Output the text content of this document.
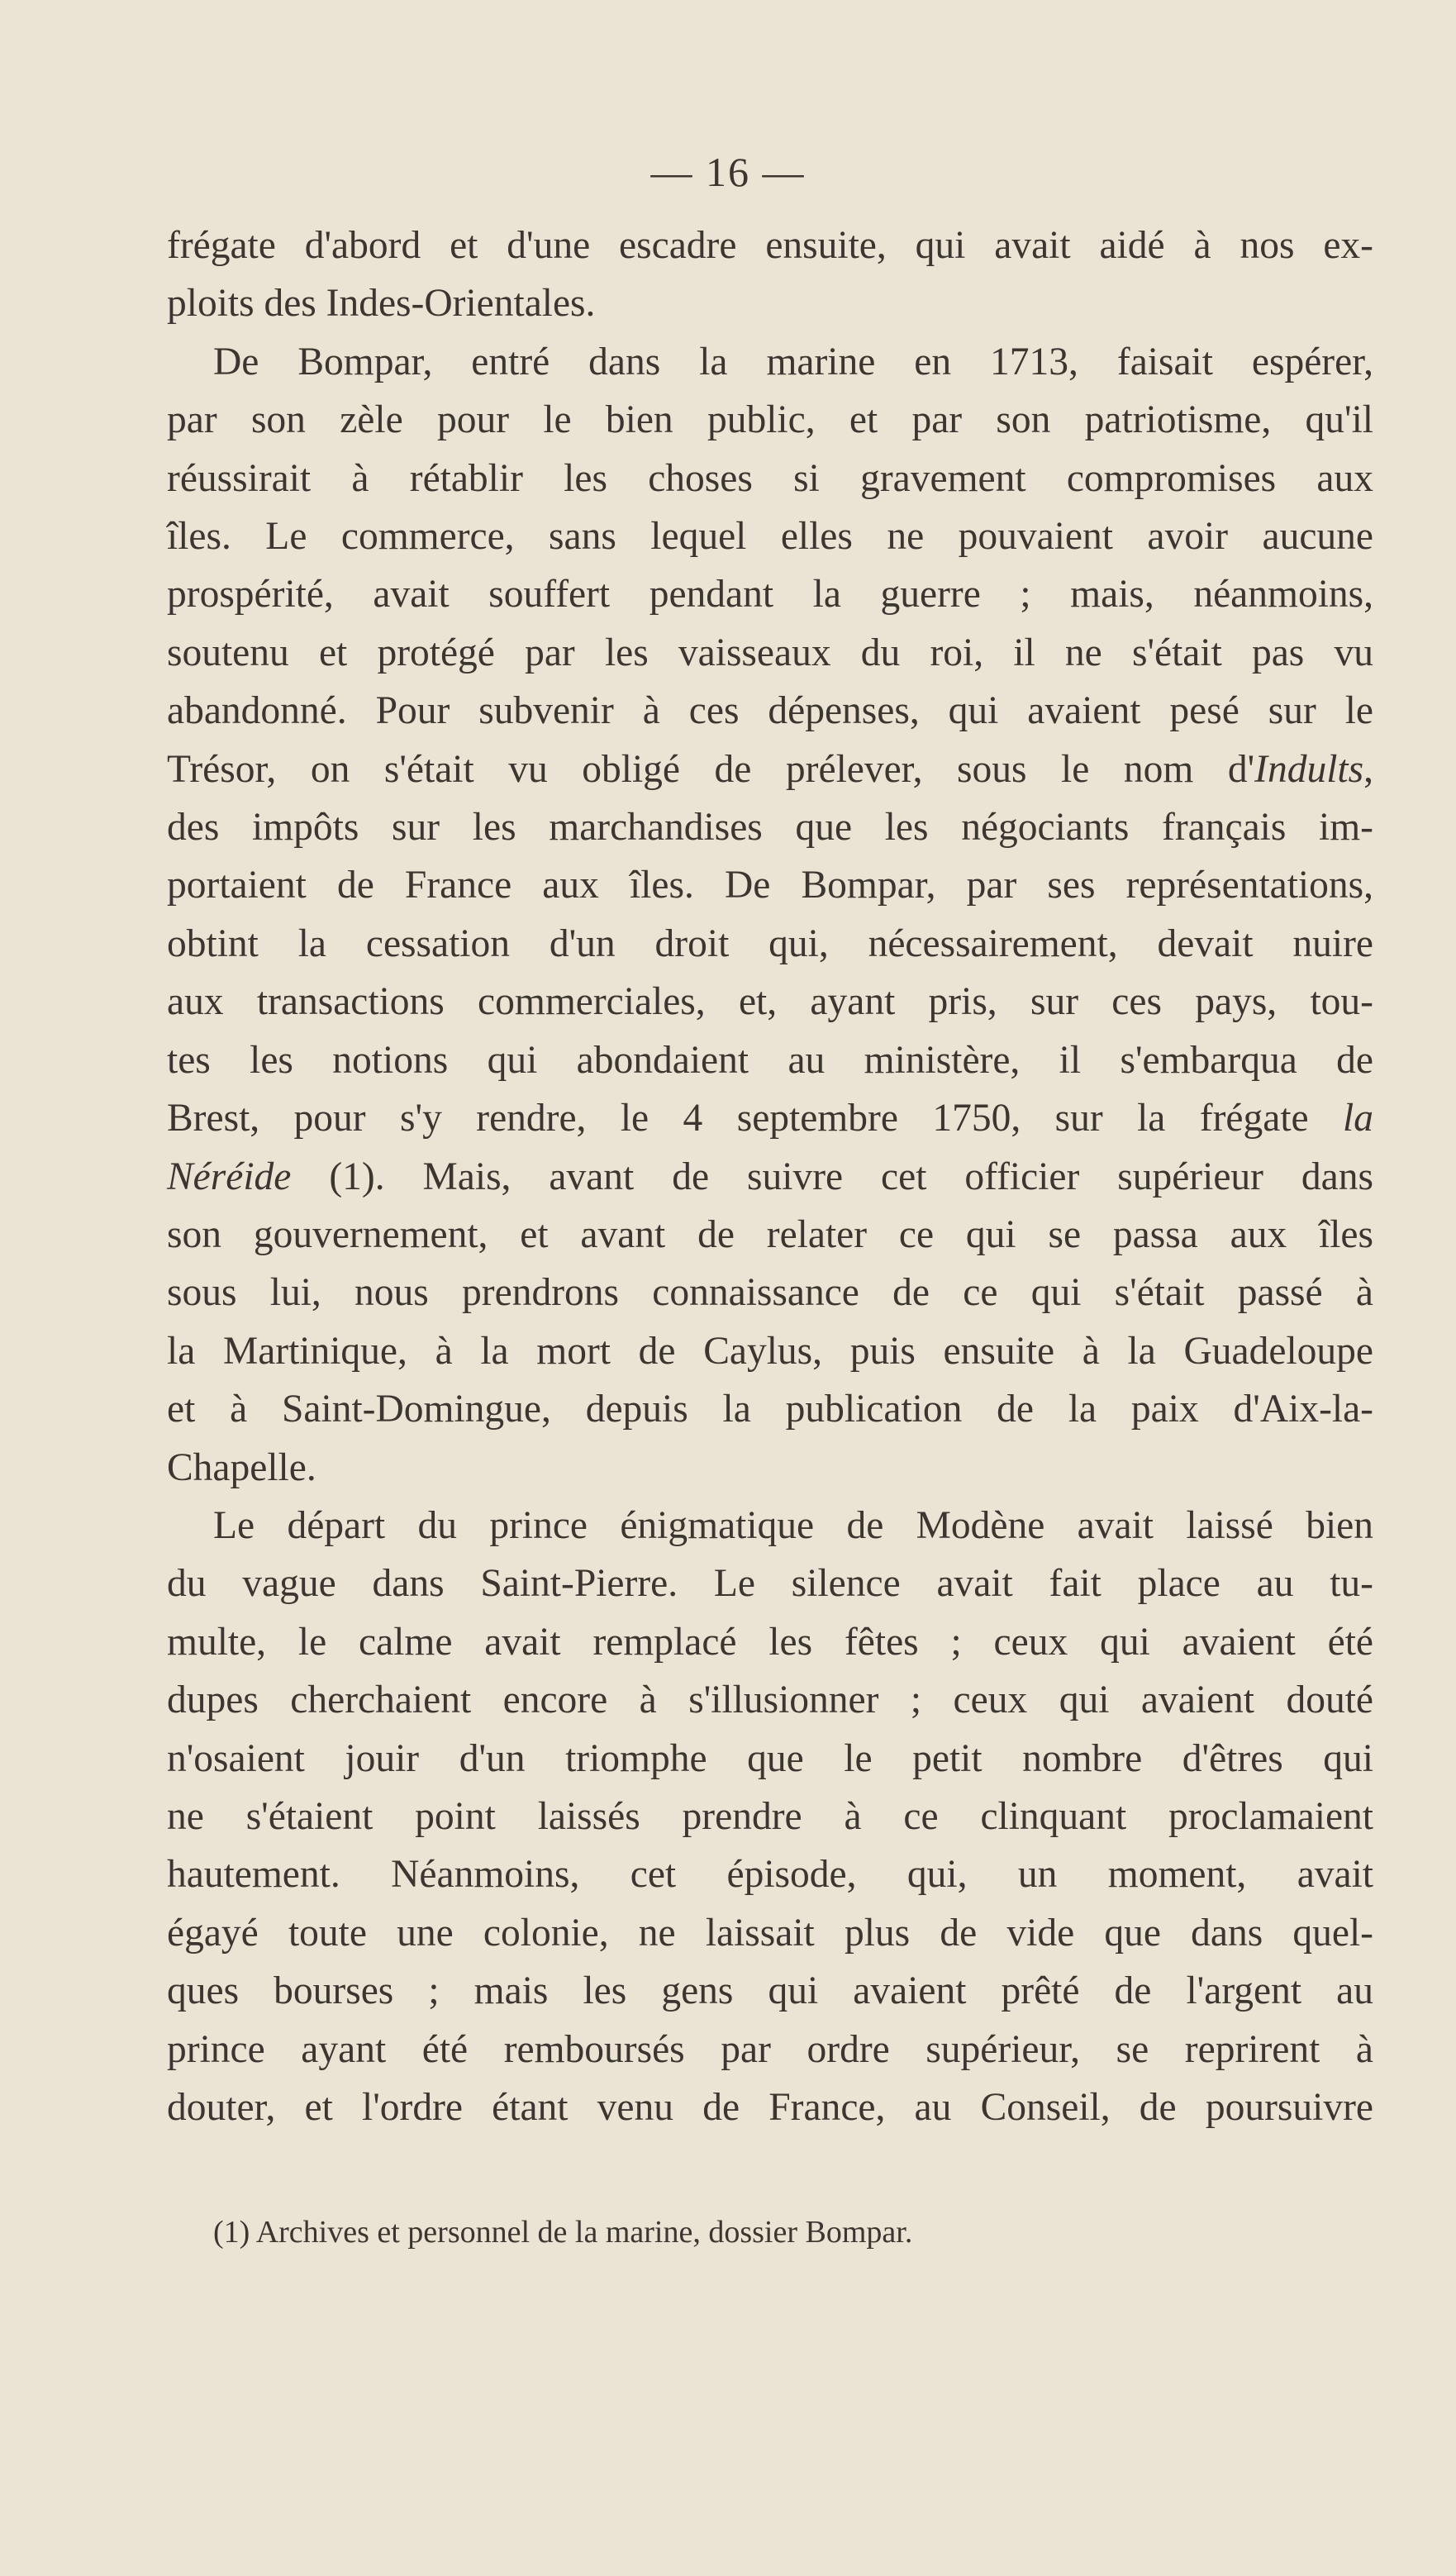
— 16 —
frégate d'abord et d'une escadre ensuite, qui avait aidé à nos ex-
ploits des Indes-Orientales.
De Bompar, entré dans la marine en 1713, faisait espérer,
par son zèle pour le bien public, et par son patriotisme, qu'il
réussirait à rétablir les choses si gravement compromises aux
îles. Le commerce, sans lequel elles ne pouvaient avoir aucune
prospérité, avait souffert pendant la guerre ; mais, néanmoins,
soutenu et protégé par les vaisseaux du roi, il ne s'était pas vu
abandonné. Pour subvenir à ces dépenses, qui avaient pesé sur le
Trésor, on s'était vu obligé de prélever, sous le nom d'Indults,
des impôts sur les marchandises que les négociants français im-
portaient de France aux îles. De Bompar, par ses représentations,
obtint la cessation d'un droit qui, nécessairement, devait nuire
aux transactions commerciales, et, ayant pris, sur ces pays, tou-
tes les notions qui abondaient au ministère, il s'embarqua de
Brest, pour s'y rendre, le 4 septembre 1750, sur la frégate la
Néréide (1). Mais, avant de suivre cet officier supérieur dans
son gouvernement, et avant de relater ce qui se passa aux îles
sous lui, nous prendrons connaissance de ce qui s'était passé à
la Martinique, à la mort de Caylus, puis ensuite à la Guadeloupe
et à Saint-Domingue, depuis la publication de la paix d'Aix-la-
Chapelle.
Le départ du prince énigmatique de Modène avait laissé bien
du vague dans Saint-Pierre. Le silence avait fait place au tu-
multe, le calme avait remplacé les fêtes ; ceux qui avaient été
dupes cherchaient encore à s'illusionner ; ceux qui avaient douté
n'osaient jouir d'un triomphe que le petit nombre d'êtres qui
ne s'étaient point laissés prendre à ce clinquant proclamaient
hautement. Néanmoins, cet épisode, qui, un moment, avait
égayé toute une colonie, ne laissait plus de vide que dans quel-
ques bourses ; mais les gens qui avaient prêté de l'argent au
prince ayant été remboursés par ordre supérieur, se reprirent à
douter, et l'ordre étant venu de France, au Conseil, de poursuivre

(1) Archives et personnel de la marine, dossier Bompar.
